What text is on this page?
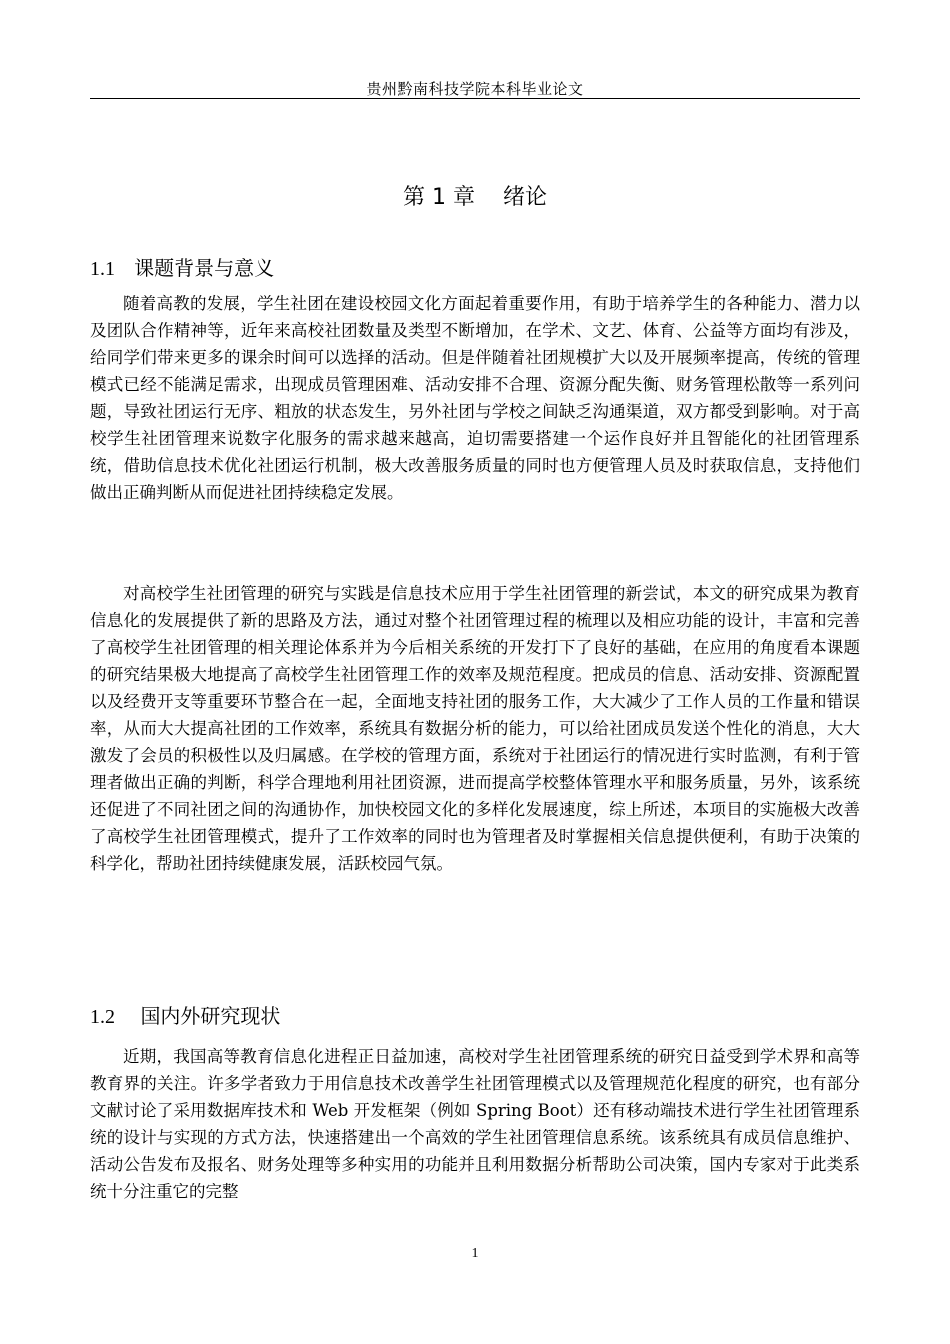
贵州黔南科技学院本科毕业论文
第 1 章    绪论
1.1 课题背景与意义

随着高教的发展，学生社团在建设校园文化方面起着重要作用，有助于培养学生的各种能力、潜力以及团队合作精神等，近年来高校社团数量及类型不断增加，在学术、文艺、体育、公益等方面均有涉及，给同学们带来更多的课余时间可以选择的活动。但是伴随着社团规模扩大以及开展频率提高，传统的管理模式已经不能满足需求，出现成员管理困难、活动安排不合理、资源分配失衡、财务管理松散等一系列问题，导致社团运行无序、粗放的状态发生，另外社团与学校之间缺乏沟通渠道，双方都受到影响。对于高校学生社团管理来说数字化服务的需求越来越高，迫切需要搭建一个运作良好并且智能化的社团管理系统，借助信息技术优化社团运行机制，极大改善服务质量的同时也方便管理人员及时获取信息，支持他们做出正确判断从而促进社团持续稳定发展。

对高校学生社团管理的研究与实践是信息技术应用于学生社团管理的新尝试，本文的研究成果为教育信息化的发展提供了新的思路及方法，通过对整个社团管理过程的梳理以及相应功能的设计，丰富和完善了高校学生社团管理的相关理论体系并为今后相关系统的开发打下了良好的基础，在应用的角度看本课题的研究结果极大地提高了高校学生社团管理工作的效率及规范程度。把成员的信息、活动安排、资源配置以及经费开支等重要环节整合在一起，全面地支持社团的服务工作，大大减少了工作人员的工作量和错误率，从而大大提高社团的工作效率，系统具有数据分析的能力，可以给社团成员发送个性化的消息，大大激发了会员的积极性以及归属感。在学校的管理方面，系统对于社团运行的情况进行实时监测，有利于管理者做出正确的判断，科学合理地利用社团资源，进而提高学校整体管理水平和服务质量，另外，该系统还促进了不同社团之间的沟通协作，加快校园文化的多样化发展速度，综上所述，本项目的实施极大改善了高校学生社团管理模式，提升了工作效率的同时也为管理者及时掌握相关信息提供便利，有助于决策的科学化，帮助社团持续健康发展，活跃校园气氛。

1.2 国内外研究现状

近期，我国高等教育信息化进程正日益加速，高校对学生社团管理系统的研究日益受到学术界和高等教育界的关注。许多学者致力于用信息技术改善学生社团管理模式以及管理规范化程度的研究，也有部分文献讨论了采用数据库技术和 Web 开发框架（例如 Spring Boot）还有移动端技术进行学生社团管理系统的设计与实现的方式方法，快速搭建出一个高效的学生社团管理信息系统。该系统具有成员信息维护、活动公告发布及报名、财务处理等多种实用的功能并且利用数据分析帮助公司决策，国内专家对于此类系统十分注重它的完整

1
